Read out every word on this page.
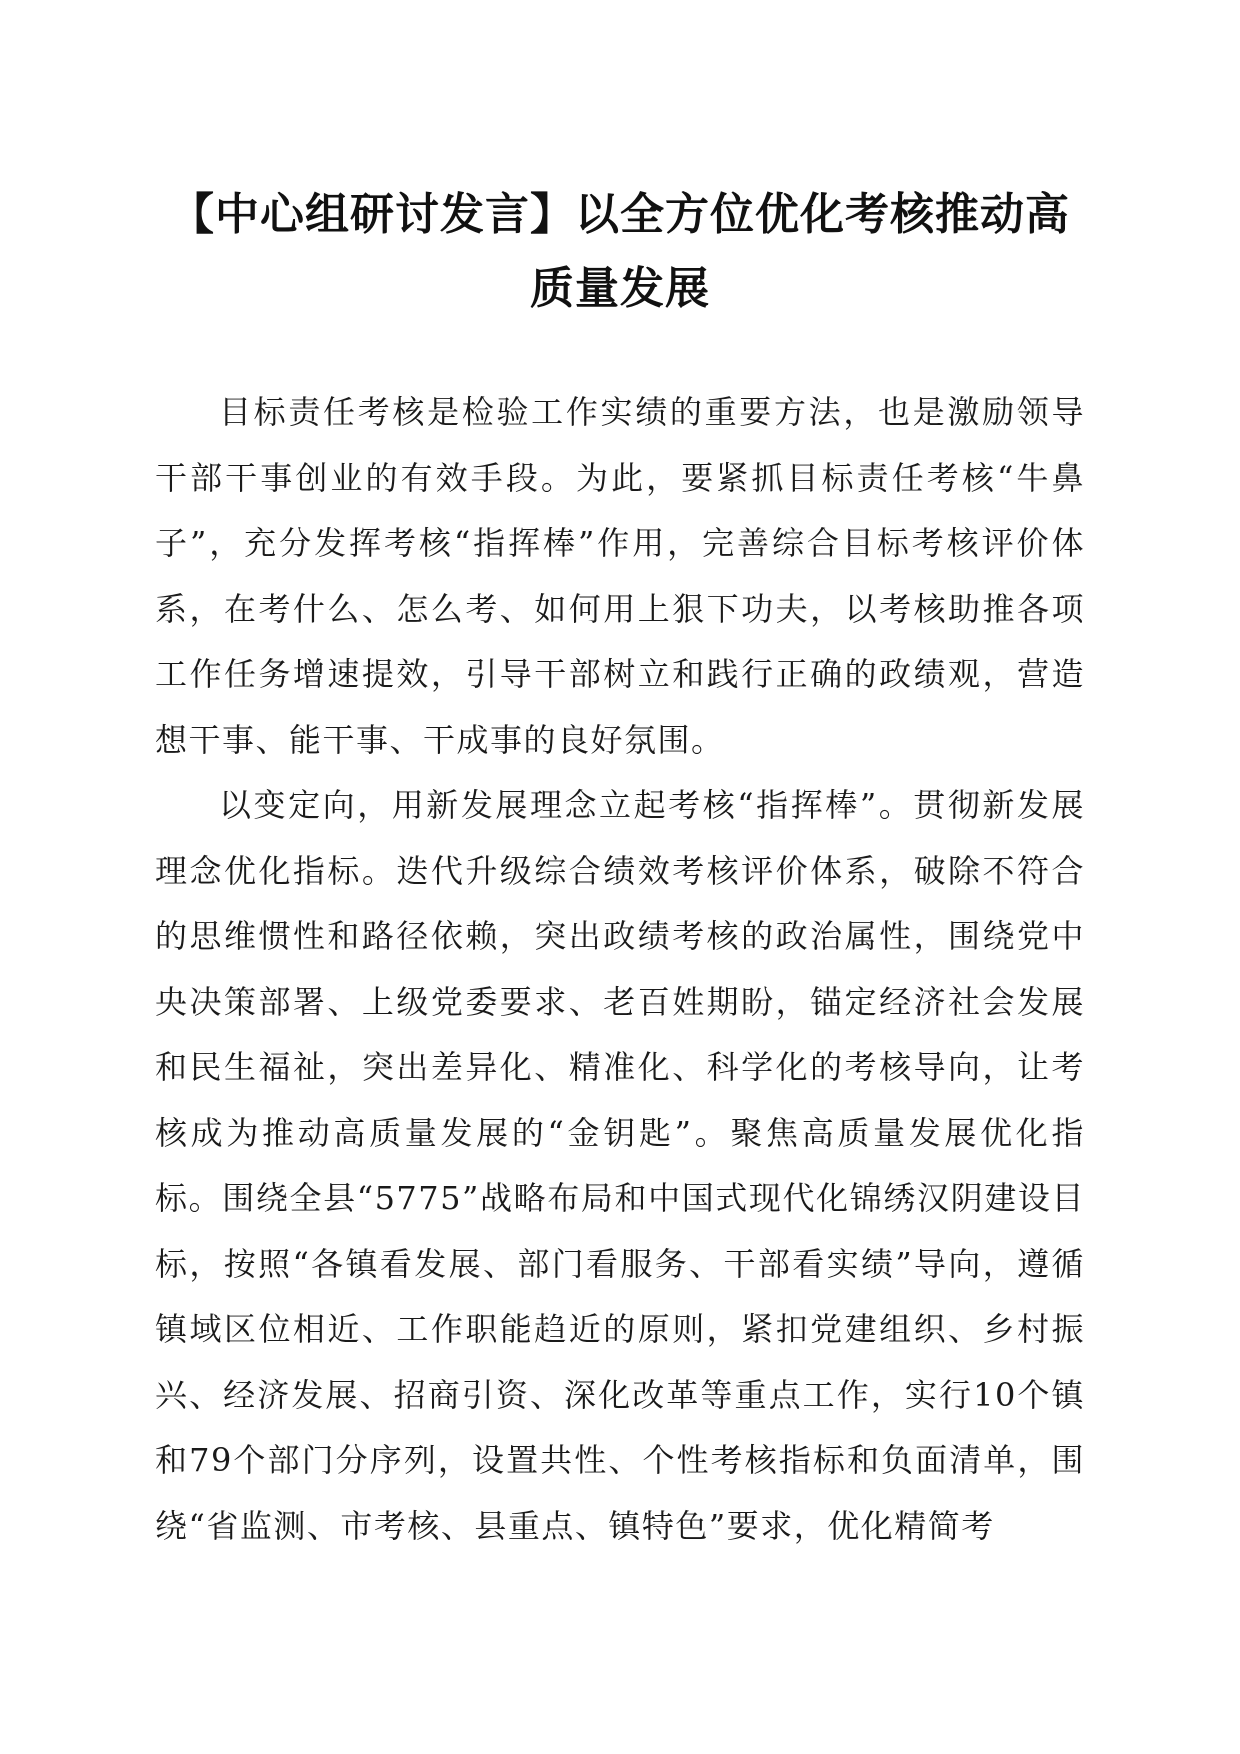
【中心组研讨发言】以全方位优化考核推动高
质量发展

目标责任考核是检验工作实绩的重要方法，也是激励领导干部干事创业的有效手段。为此，要紧抓目标责任考核“牛鼻子”，充分发挥考核“指挥棒”作用，完善综合目标考核评价体系，在考什么、怎么考、如何用上狠下功夫，以考核助推各项工作任务增速提效，引导干部树立和践行正确的政绩观，营造想干事、能干事、干成事的良好氛围。

以变定向，用新发展理念立起考核“指挥棒”。贯彻新发展理念优化指标。迭代升级综合绩效考核评价体系，破除不符合的思维惯性和路径依赖，突出政绩考核的政治属性，围绕党中央决策部署、上级党委要求、老百姓期盼，锚定经济社会发展和民生福祉，突出差异化、精准化、科学化的考核导向，让考核成为推动高质量发展的“金钥匙”。聚焦高质量发展优化指标。围绕全县“5775”战略布局和中国式现代化锦绣汉阴建设目标，按照“各镇看发展、部门看服务、干部看实绩”导向，遵循镇域区位相近、工作职能趋近的原则，紧扣党建组织、乡村振兴、经济发展、招商引资、深化改革等重点工作，实行10个镇和79个部门分序列，设置共性、个性考核指标和负面清单，围绕“省监测、市考核、县重点、镇特色”要求，优化精简考
